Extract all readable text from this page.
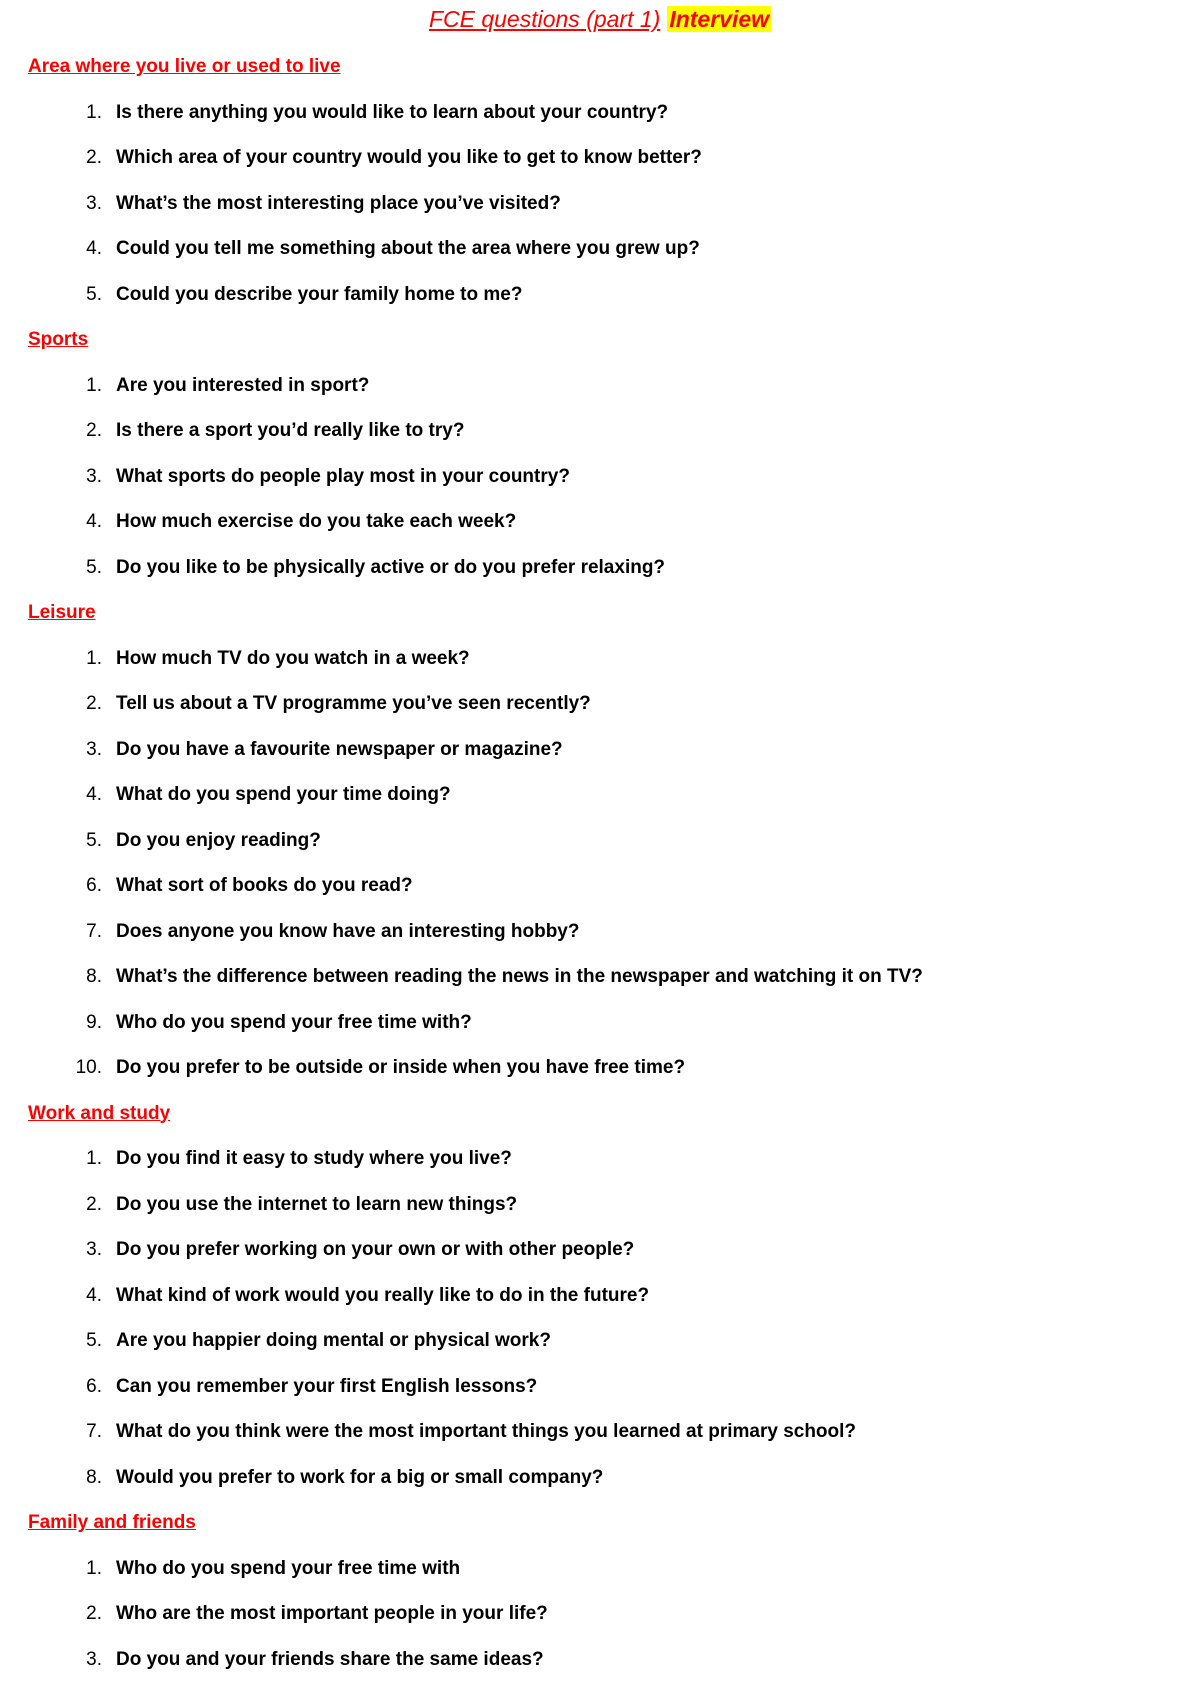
FCE questions (part 1) Interview
Area where you live or used to live
1. Is there anything you would like to learn about your country?
2. Which area of your country would you like to get to know better?
3. What’s the most interesting place you’ve visited?
4. Could you tell me something about the area where you grew up?
5. Could you describe your family home to me?
Sports
1. Are you interested in sport?
2. Is there a sport you’d really like to try?
3. What sports do people play most in your country?
4. How much exercise do you take each week?
5. Do you like to be physically active or do you prefer relaxing?
Leisure
1. How much TV do you watch in a week?
2. Tell us about a TV programme you’ve seen recently?
3. Do you have a favourite newspaper or magazine?
4. What do you spend your time doing?
5. Do you enjoy reading?
6. What sort of books do you read?
7. Does anyone you know have an interesting hobby?
8. What’s the difference between reading the news in the newspaper and watching it on TV?
9. Who do you spend your free time with?
10. Do you prefer to be outside or inside when you have free time?
Work and study
1. Do you find it easy to study where you live?
2. Do you use the internet to learn new things?
3. Do you prefer working on your own or with other people?
4. What kind of work would you really like to do in the future?
5. Are you happier doing mental or physical work?
6. Can you remember your first English lessons?
7. What do you think were the most important things you learned at primary school?
8. Would you prefer to work for a big or small company?
Family and friends
1. Who do you spend your free time with
2. Who are the most important people in your life?
3. Do you and your friends share the same ideas?
